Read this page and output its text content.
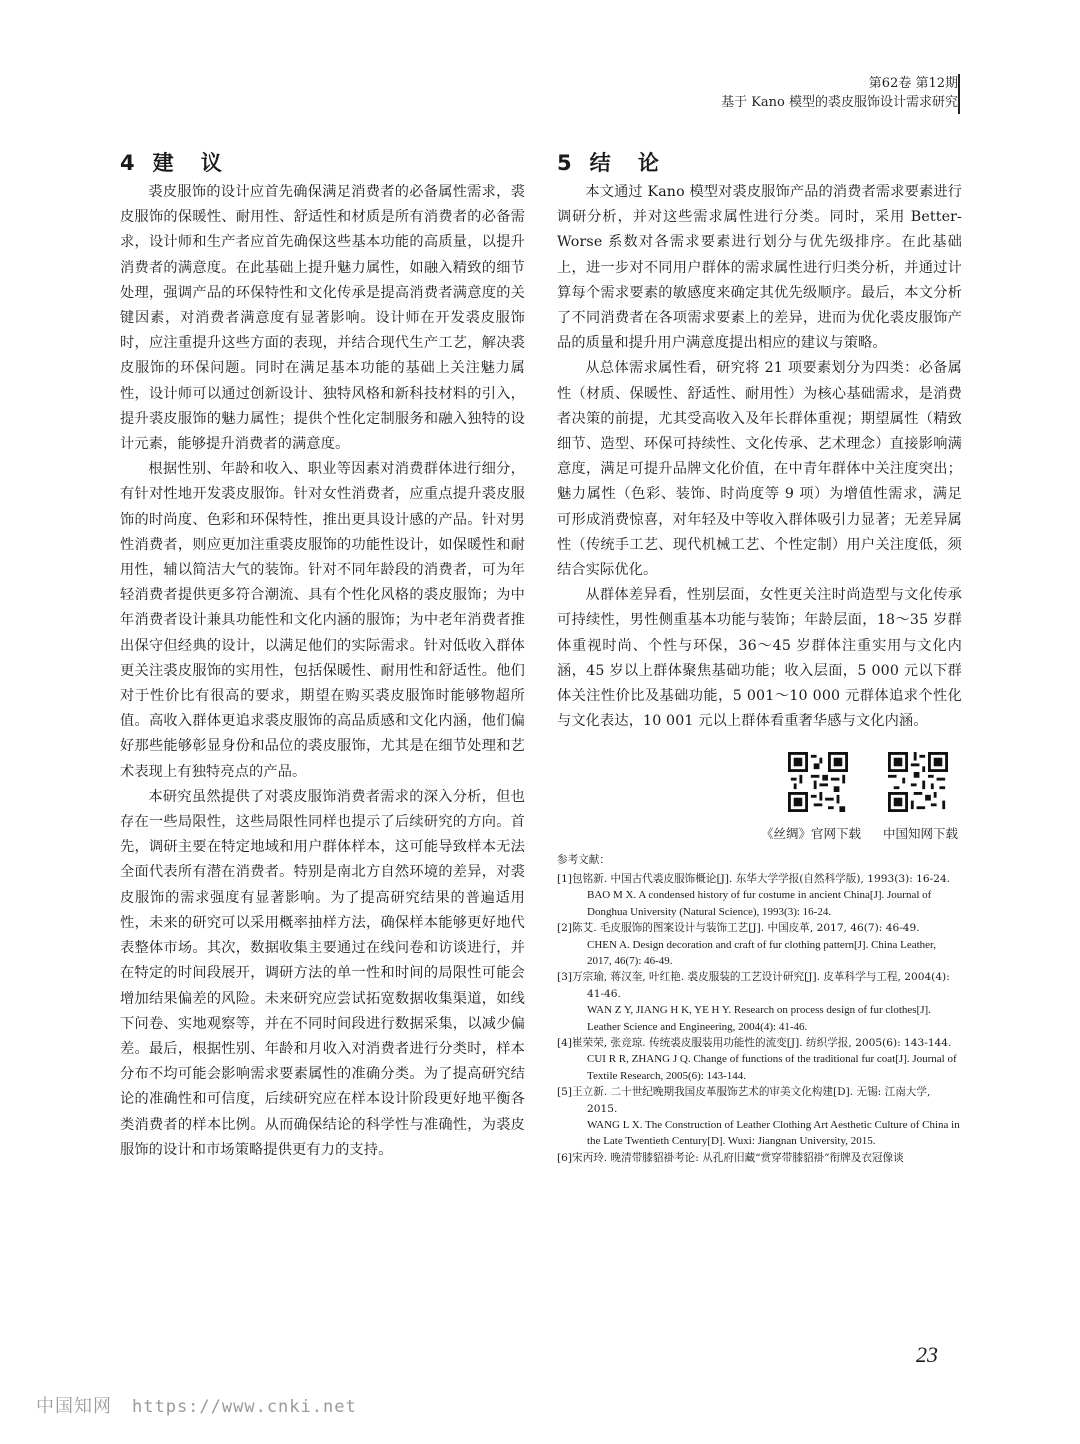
第62卷 第12期
基于 Kano 模型的裘皮服饰设计需求研究
4 建 议

裘皮服饰的设计应首先确保满足消费者的必备属性需求，裘皮服饰的保暖性、耐用性、舒适性和材质是所有消费者的必备需求，设计师和生产者应首先确保这些基本功能的高质量，以提升消费者的满意度。在此基础上提升魅力属性，如融入精致的细节处理，强调产品的环保特性和文化传承是提高消费者满意度的关键因素，对消费者满意度有显著影响。设计师在开发裘皮服饰时，应注重提升这些方面的表现，并结合现代生产工艺，解决裘皮服饰的环保问题。同时在满足基本功能的基础上关注魅力属性，设计师可以通过创新设计、独特风格和新科技材料的引入，提升裘皮服饰的魅力属性；提供个性化定制服务和融入独特的设计元素，能够提升消费者的满意度。

根据性别、年龄和收入、职业等因素对消费群体进行细分，有针对性地开发裘皮服饰。针对女性消费者，应重点提升裘皮服饰的时尚度、色彩和环保特性，推出更具设计感的产品。针对男性消费者，则应更加注重裘皮服饰的功能性设计，如保暖性和耐用性，辅以简洁大气的装饰。针对不同年龄段的消费者，可为年轻消费者提供更多符合潮流、具有个性化风格的裘皮服饰；为中年消费者设计兼具功能性和文化内涵的服饰；为中老年消费者推出保守但经典的设计，以满足他们的实际需求。针对低收入群体更关注裘皮服饰的实用性，包括保暖性、耐用性和舒适性。他们对于性价比有很高的要求，期望在购买裘皮服饰时能够物超所值。高收入群体更追求裘皮服饰的高品质感和文化内涵，他们偏好那些能够彰显身份和品位的裘皮服饰，尤其是在细节处理和艺术表现上有独特亮点的产品。

本研究虽然提供了对裘皮服饰消费者需求的深入分析，但也存在一些局限性，这些局限性同样也提示了后续研究的方向。首先，调研主要在特定地域和用户群体样本，这可能导致样本无法全面代表所有潜在消费者。特别是南北方自然环境的差异，对裘皮服饰的需求强度有显著影响。为了提高研究结果的普遍适用性，未来的研究可以采用概率抽样方法，确保样本能够更好地代表整体市场。其次，数据收集主要通过在线问卷和访谈进行，并在特定的时间段展开，调研方法的单一性和时间的局限性可能会增加结果偏差的风险。未来研究应尝试拓宽数据收集渠道，如线下问卷、实地观察等，并在不同时间段进行数据采集，以减少偏差。最后，根据性别、年龄和月收入对消费者进行分类时，样本分布不均可能会影响需求要素属性的准确分类。为了提高研究结论的准确性和可信度，后续研究应在样本设计阶段更好地平衡各类消费者的样本比例。从而确保结论的科学性与准确性，为裘皮服饰的设计和市场策略提供更有力的支持。

5 结 论

本文通过 Kano 模型对裘皮服饰产品的消费者需求要素进行调研分析，并对这些需求属性进行分类。同时，采用 Better-Worse 系数对各需求要素进行划分与优先级排序。在此基础上，进一步对不同用户群体的需求属性进行归类分析，并通过计算每个需求要素的敏感度来确定其优先级顺序。最后，本文分析了不同消费者在各项需求要素上的差异，进而为优化裘皮服饰产品的质量和提升用户满意度提出相应的建议与策略。

从总体需求属性看，研究将 21 项要素划分为四类：必备属性（材质、保暖性、舒适性、耐用性）为核心基础需求，是消费者决策的前提，尤其受高收入及年长群体重视；期望属性（精致细节、造型、环保可持续性、文化传承、艺术理念）直接影响满意度，满足可提升品牌文化价值，在中青年群体中关注度突出；魅力属性（色彩、装饰、时尚度等 9 项）为增值性需求，满足可形成消费惊喜，对年轻及中等收入群体吸引力显著；无差异属性（传统手工艺、现代机械工艺、个性定制）用户关注度低，须结合实际优化。

从群体差异看，性别层面，女性更关注时尚造型与文化传承可持续性，男性侧重基本功能与装饰；年龄层面，18～35 岁群体重视时尚、个性与环保，36～45 岁群体注重实用与文化内涵，45 岁以上群体聚焦基础功能；收入层面，5 000 元以下群体关注性价比及基础功能，5 001～10 000 元群体追求个性化与文化表达，10 001 元以上群体看重奢华感与文化内涵。

《丝绸》官网下载 中国知网下载
参考文献：
[1]包铭新. 中国古代裘皮服饰概论[J]. 东华大学学报(自然科学版), 1993(3): 16-24.
BAO M X. A condensed history of fur costume in ancient China[J]. Journal of Donghua University (Natural Science), 1993(3): 16-24.
[2]陈艾. 毛皮服饰的图案设计与装饰工艺[J]. 中国皮革, 2017, 46(7): 46-49.
CHEN A. Design decoration and craft of fur clothing pattern[J]. China Leather, 2017, 46(7): 46-49.
[3]万宗瑜, 蒋汉奎, 叶红艳. 裘皮服装的工艺设计研究[J]. 皮革科学与工程, 2004(4): 41-46.
WAN Z Y, JIANG H K, YE H Y. Research on process design of fur clothes[J]. Leather Science and Engineering, 2004(4): 41-46.
[4]崔荣荣, 张竞琼. 传统裘皮服装用功能性的流变[J]. 纺织学报, 2005(6): 143-144.
CUI R R, ZHANG J Q. Change of functions of the traditional fur coat[J]. Journal of Textile Research, 2005(6): 143-144.
[5]王立新. 二十世纪晚期我国皮革服饰艺术的审美文化构建[D]. 无锡: 江南大学, 2015.
WANG L X. The Construction of Leather Clothing Art Aesthetic Culture of China in the Late Twentieth Century[D]. Wuxi: Jiangnan University, 2015.
[6]宋丙玲. 晚清带膝貂褂考论: 从孔府旧藏“赏穿带膝貂褂”衔牌及衣冠像谈
23
中国知网 https://www.cnki.net
